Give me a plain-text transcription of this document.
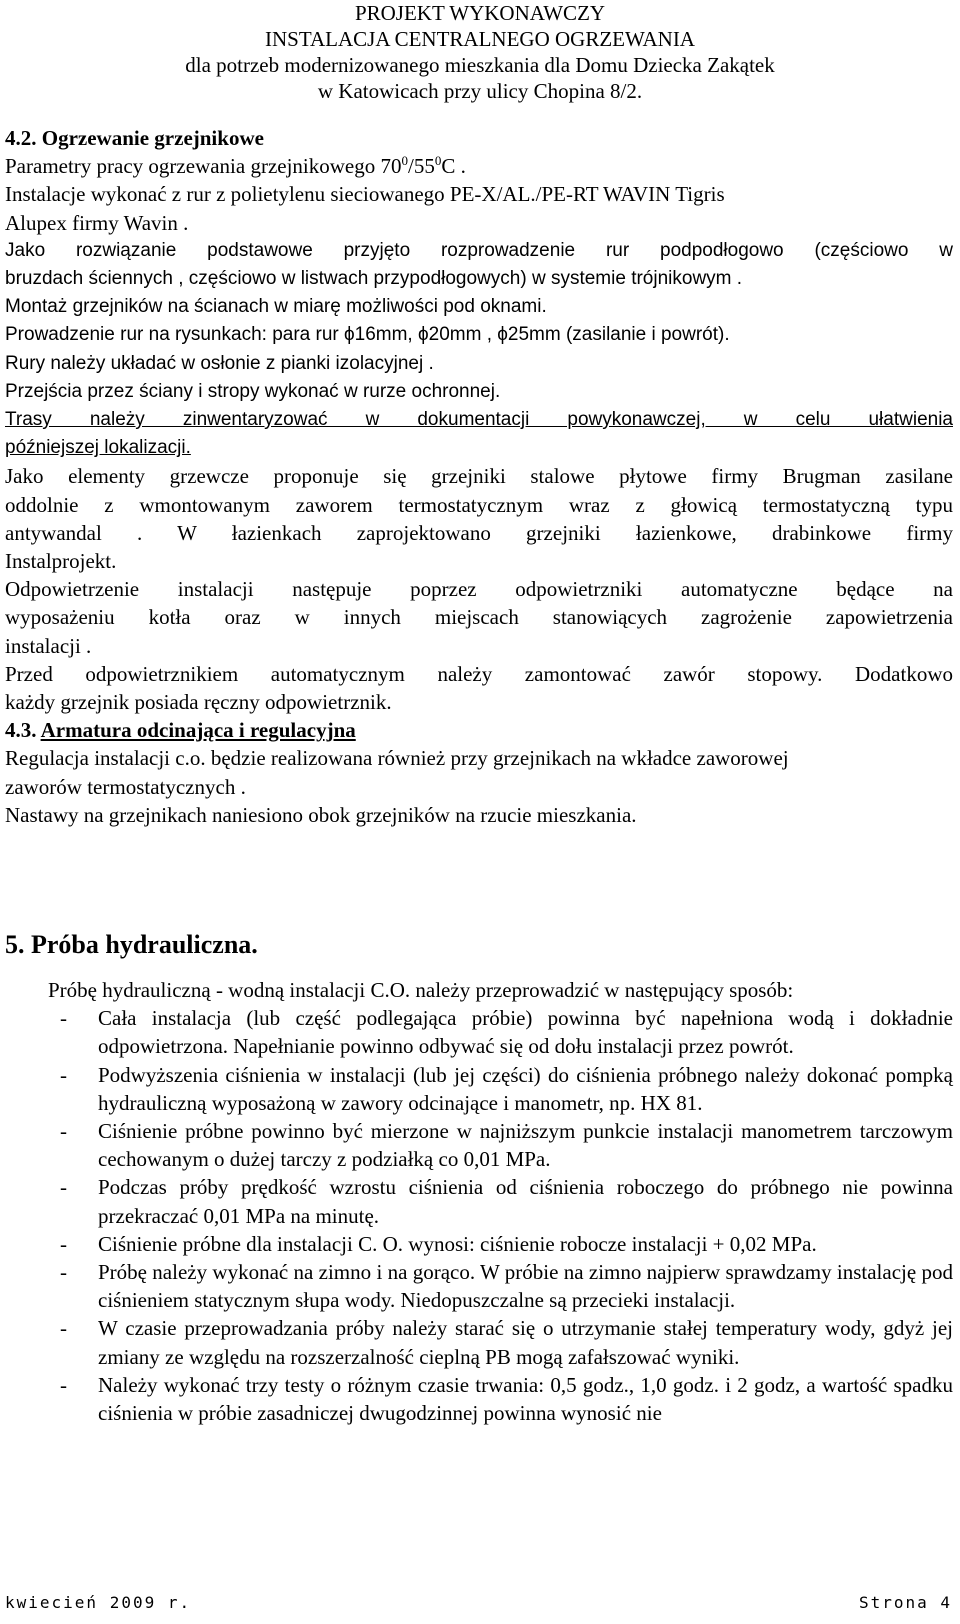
PROJEKT WYKONAWCZY
INSTALACJA CENTRALNEGO OGRZEWANIA
dla potrzeb modernizowanego mieszkania dla Domu Dziecka Zakątek
w Katowicach przy ulicy Chopina 8/2.
4.2. Ogrzewanie grzejnikowe
Parametry pracy ogrzewania grzejnikowego $70^0/55^0C$ .
Instalacje wykonać z rur z polietylenu sieciowanego PE-X/AL./PE-RT WAVIN Tigris
Alupex firmy Wavin .
Jako rozwiązanie podstawowe przyjęto rozprowadzenie rur podpodłogowo (częściowo w
bruzdach ściennych , częściowo w listwach przypodłogowych) w systemie trójnikowym .
Montaż grzejników na ścianach w miarę możliwości pod oknami.
Prowadzenie rur na rysunkach: para rur ϕ16mm, ϕ20mm , ϕ25mm (zasilanie i powrót).
Rury należy układać w osłonie z pianki izolacyjnej .
Przejścia przez ściany i stropy wykonać w rurze ochronnej.
Trasy należy zinwentaryzować w dokumentacji powykonawczej, w celu ułatwienia
późniejszej lokalizacji.
Jako elementy grzewcze proponuje się grzejniki stalowe płytowe firmy Brugman zasilane
oddolnie z wmontowanym zaworem termostatycznym wraz z głowicą termostatyczną typu
antywandal . W łazienkach zaprojektowano grzejniki łazienkowe, drabinkowe firmy
Instalprojekt.
Odpowietrzenie instalacji następuje poprzez odpowietrzniki automatyczne będące na
wyposażeniu kotła oraz w innych miejscach stanowiących zagrożenie zapowietrzenia
instalacji .
Przed odpowietrznikiem automatycznym należy zamontować zawór stopowy. Dodatkowo
każdy grzejnik posiada ręczny odpowietrznik.
4.3. Armatura odcinająca i regulacyjna
Regulacja instalacji c.o. będzie realizowana również przy grzejnikach na wkładce zaworowej
zaworów termostatycznych .
Nastawy na grzejnikach naniesiono obok grzejników na rzucie mieszkania.
5. Próba hydrauliczna.
Próbę hydrauliczną - wodną instalacji C.O. należy przeprowadzić w następujący sposób:
- Cała instalacja (lub część podlegająca próbie) powinna być napełniona wodą i dokładnie odpowietrzona. Napełnianie powinno odbywać się od dołu instalacji przez powrót.
- Podwyższenia ciśnienia w instalacji (lub jej części) do ciśnienia próbnego należy dokonać pompką hydrauliczną wyposażoną w zawory odcinające i manometr, np. HX 81.
- Ciśnienie próbne powinno być mierzone w najniższym punkcie instalacji manometrem tarczowym cechowanym o dużej tarczy z podziałką co 0,01 MPa.
- Podczas próby prędkość wzrostu ciśnienia od ciśnienia roboczego do próbnego nie powinna przekraczać 0,01 MPa na minutę.
- Ciśnienie próbne dla instalacji C. O. wynosi: ciśnienie robocze instalacji + 0,02 MPa.
- Próbę należy wykonać na zimno i na gorąco. W próbie na zimno najpierw sprawdzamy instalację pod ciśnieniem statycznym słupa wody. Niedopuszczalne są przecieki instalacji.
- W czasie przeprowadzania próby należy starać się o utrzymanie stałej temperatury wody, gdyż jej zmiany ze względu na rozszerzalność cieplną PB mogą zafałszować wyniki.
- Należy wykonać trzy testy o różnym czasie trwania: 0,5 godz., 1,0 godz. i 2 godz, a wartość spadku ciśnienia w próbie zasadniczej dwugodzinnej powinna wynosić nie
kwiecień 2009 r.	Strona 4
